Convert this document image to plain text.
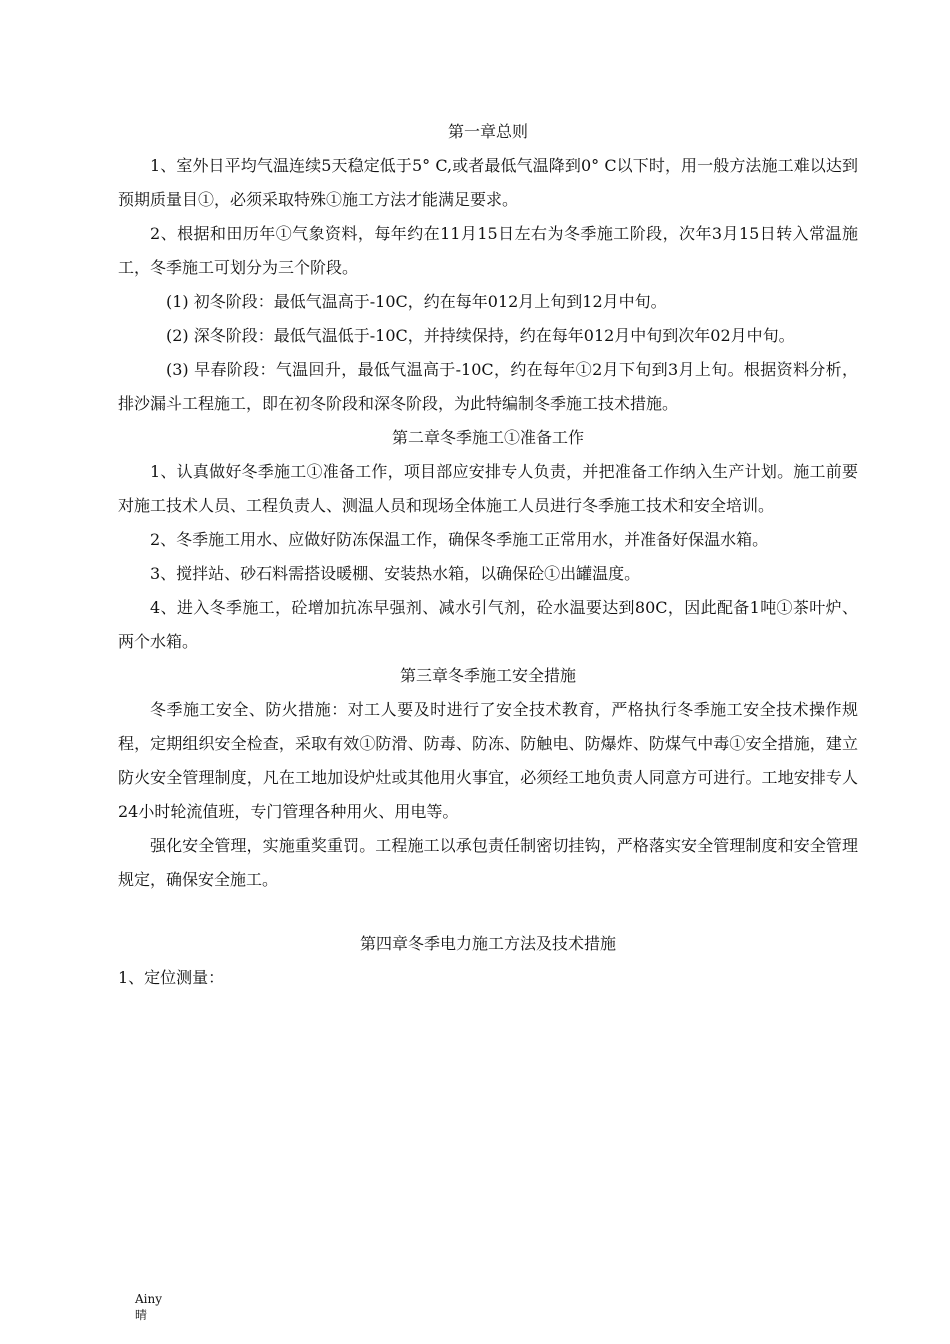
第一章总则

1、室外日平均气温连续5天稳定低于5° C,或者最低气温降到0° C以下时，用一般方法施工难以达到预期质量目①，必须采取特殊①施工方法才能满足要求。

2、根据和田历年①气象资料，每年约在11月15日左右为冬季施工阶段，次年3月15日转入常温施工，冬季施工可划分为三个阶段。

(1) 初冬阶段：最低气温高于-10C，约在每年012月上旬到12月中旬。

(2) 深冬阶段：最低气温低于-10C，并持续保持，约在每年012月中旬到次年02月中旬。

(3) 早春阶段：气温回升，最低气温高于-10C，约在每年①2月下旬到3月上旬。根据资料分析，排沙漏斗工程施工，即在初冬阶段和深冬阶段，为此特编制冬季施工技术措施。

第二章冬季施工①准备工作

1、认真做好冬季施工①准备工作，项目部应安排专人负责，并把准备工作纳入生产计划。施工前要对施工技术人员、工程负责人、测温人员和现场全体施工人员进行冬季施工技术和安全培训。

2、冬季施工用水、应做好防冻保温工作，确保冬季施工正常用水，并准备好保温水箱。

3、搅拌站、砂石料需搭设暖棚、安装热水箱，以确保砼①出罐温度。

4、进入冬季施工，砼增加抗冻早强剂、减水引气剂，砼水温要达到80C，因此配备1吨①茶叶炉、两个水箱。

第三章冬季施工安全措施

冬季施工安全、防火措施：对工人要及时进行了安全技术教育，严格执行冬季施工安全技术操作规程，定期组织安全检查，采取有效①防滑、防毒、防冻、防触电、防爆炸、防煤气中毒①安全措施，建立防火安全管理制度，凡在工地加设炉灶或其他用火事宜，必须经工地负责人同意方可进行。工地安排专人24小时轮流值班，专门管理各种用火、用电等。

强化安全管理，实施重奖重罚。工程施工以承包责任制密切挂钩，严格落实安全管理制度和安全管理规定，确保安全施工。

第四章冬季电力施工方法及技术措施

1、定位测量：

Ainy
晴
